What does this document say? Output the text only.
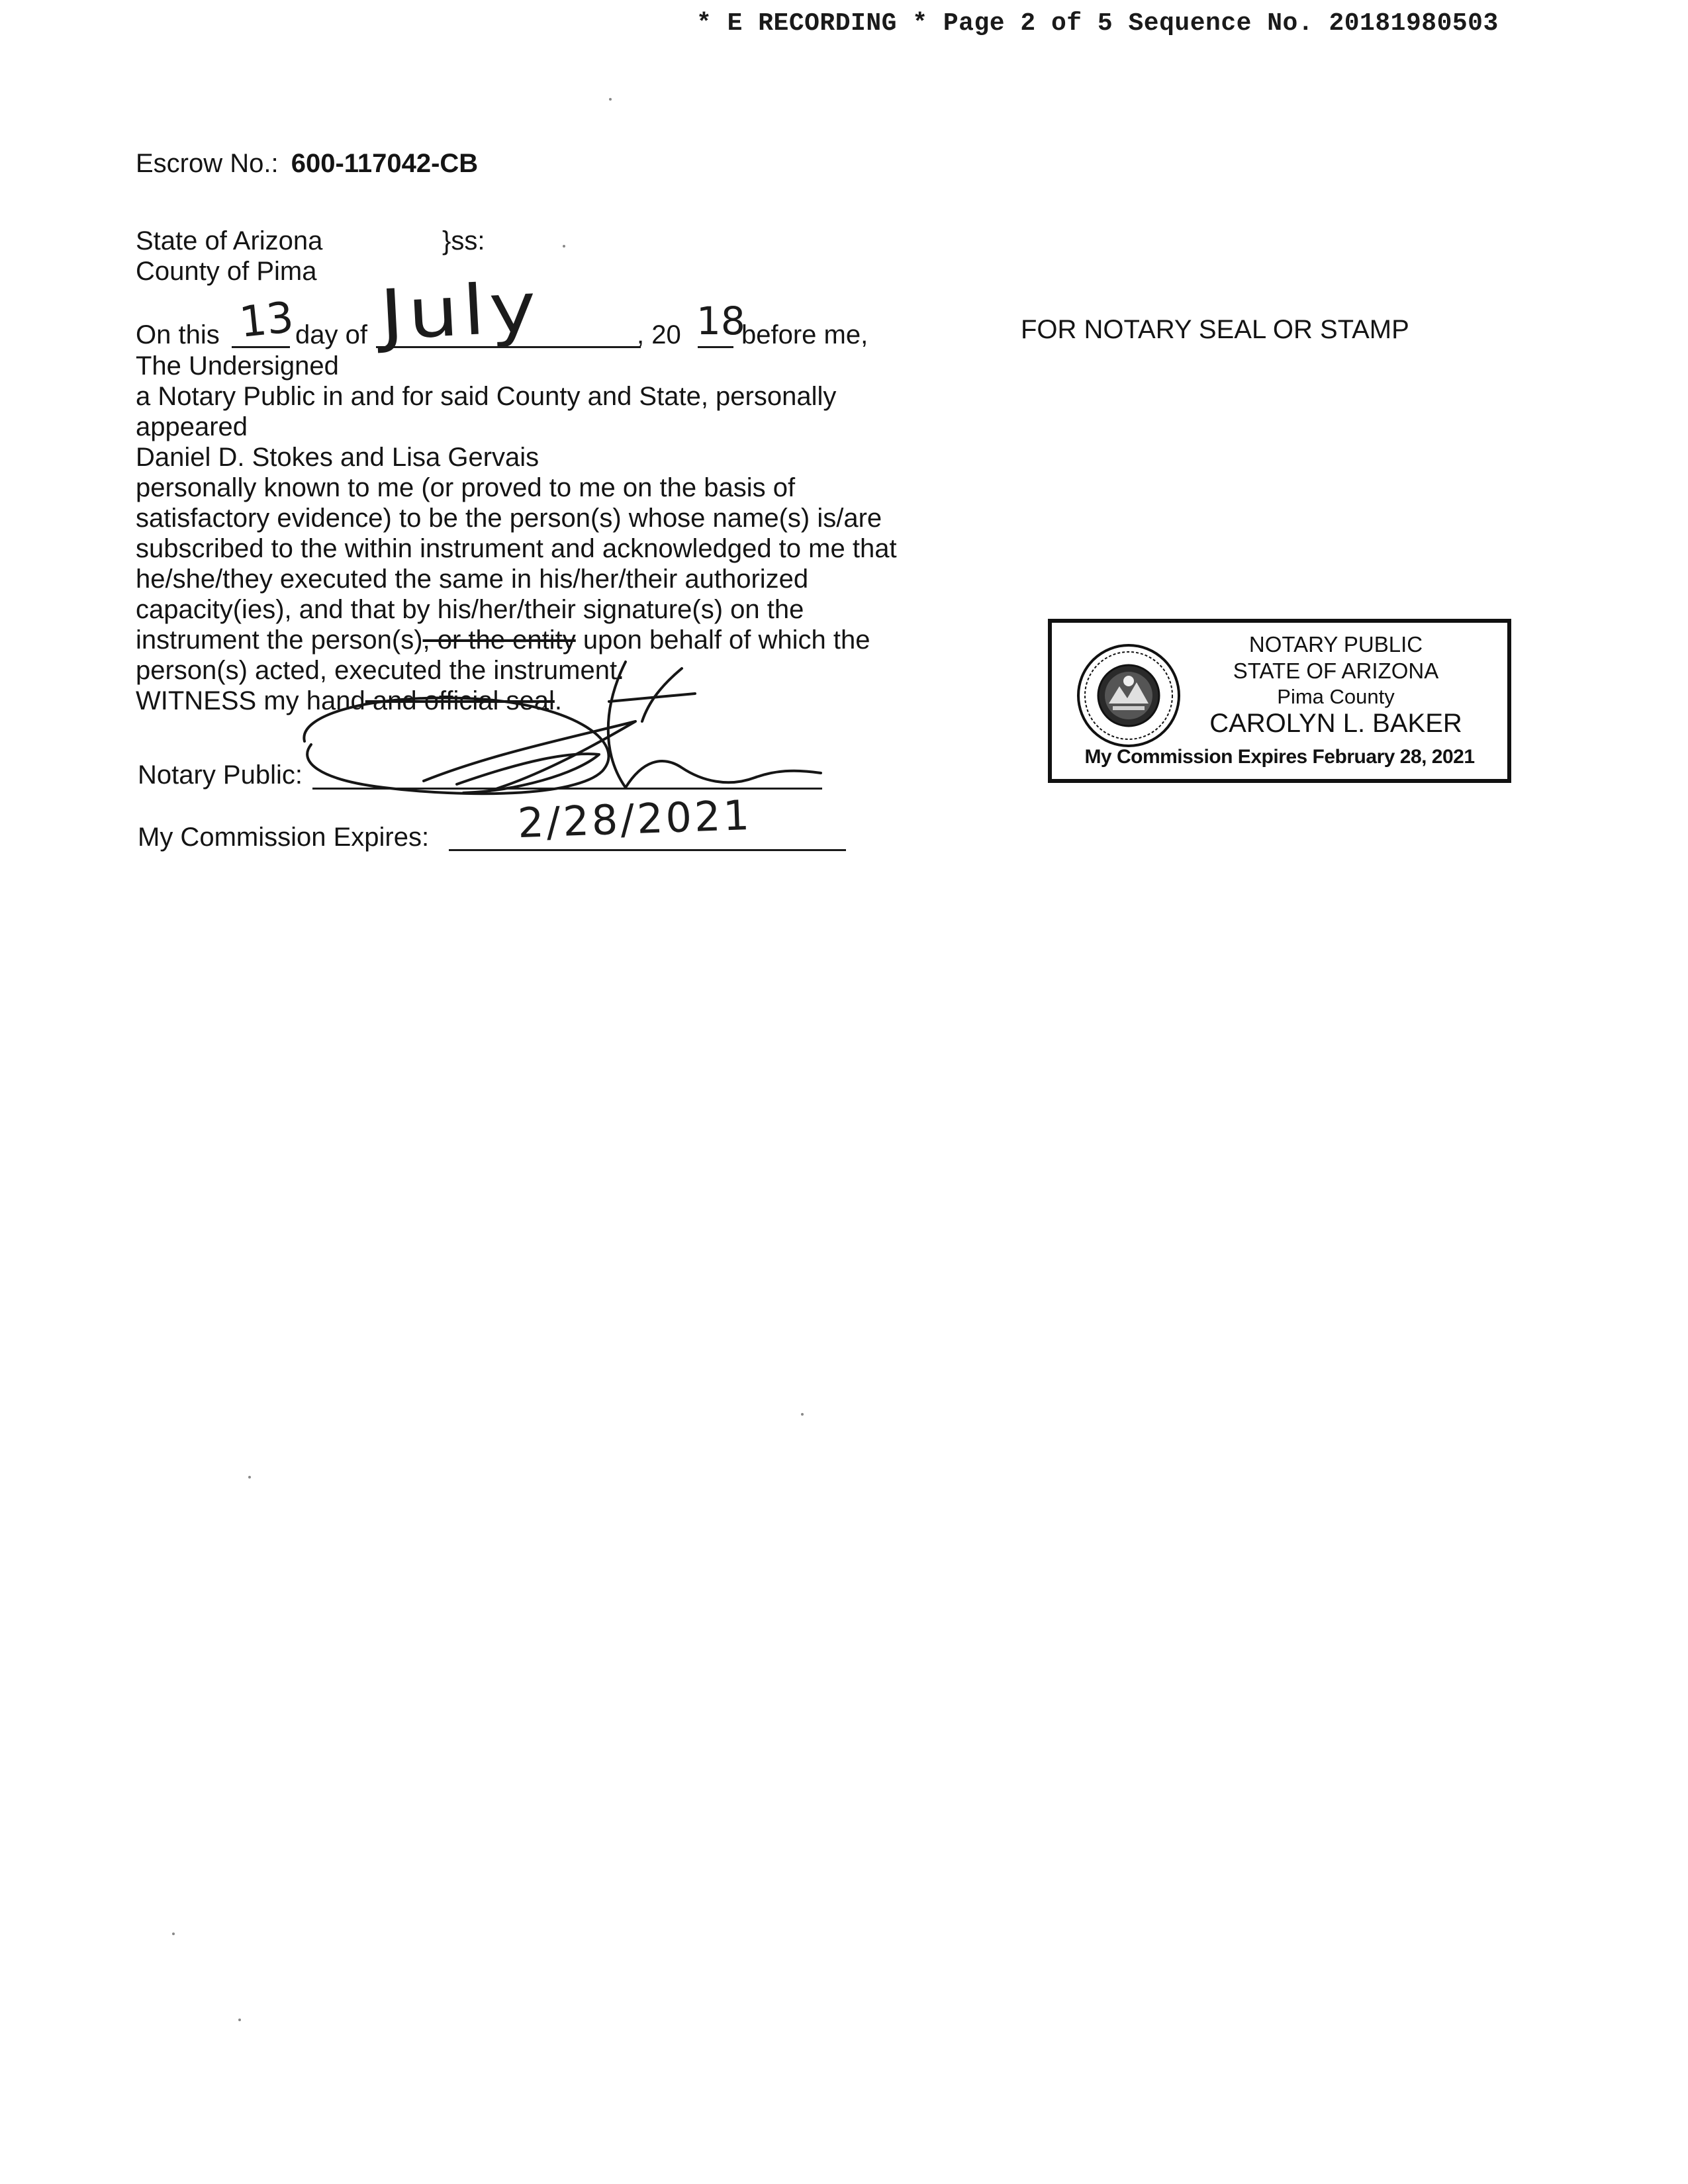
* E RECORDING * Page 2 of 5 Sequence No. 20181980503
Escrow No.: 600-117042-CB
State of Arizona	}ss:
County of Pima
On this 13
day of July	, 20 18
before me,
The Undersigned
a Notary Public in and for said County and State, personally
appeared
Daniel D. Stokes and Lisa Gervais
personally known to me (or proved to me on the basis of
satisfactory evidence) to be the person(s) whose name(s) is/are
subscribed to the within instrument and acknowledged to me that
he/she/they executed the same in his/her/their authorized
capacity(ies), and that by his/her/their signature(s) on the
instrument the person(s), or the entity upon behalf of which the
person(s) acted, executed the instrument.
WITNESS my hand and official seal.
Notary Public:
My Commission Expires: 2/28/2021
FOR NOTARY SEAL OR STAMP
NOTARY PUBLIC
STATE OF ARIZONA
Pima County
CAROLYN L. BAKER
My Commission Expires February 28, 2021
